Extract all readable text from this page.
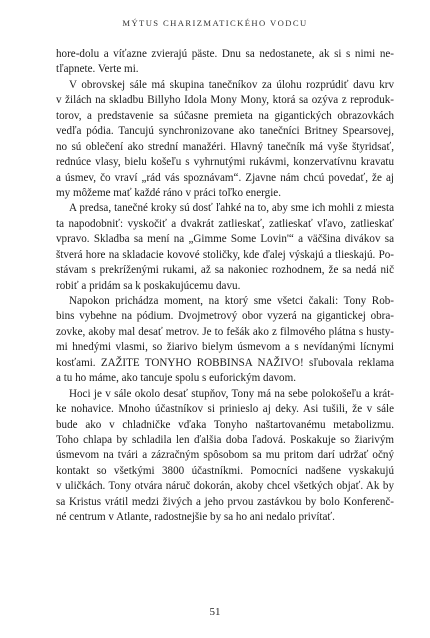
MÝTUS CHARIZMATICKÉHO VODCU
hore-dolu a víťazne zvierajú päste. Dnu sa nedostanete, ak si s nimi ne-
tľapnete. Verte mi.
V obrovskej sále má skupina tanečníkov za úlohu rozprúdiť davu krv
v žilách na skladbu Billyho Idola Mony Mony, ktorá sa ozýva z reproduk-
torov, a predstavenie sa súčasne premieta na gigantických obrazovkách
vedľa pódia. Tancujú synchronizovane ako tanečníci Britney Spearsovej,
no sú oblečení ako strední manažéri. Hlavný tanečník má vyše štyridsať,
rednúce vlasy, bielu košeľu s vyhrnutými rukávmi, konzervatívnu kravatu
a úsmev, čo vraví „rád vás spoznávam“. Zjavne nám chcú povedať, že aj
my môžeme mať každé ráno v práci toľko energie.
A predsa, tanečné kroky sú dosť ľahké na to, aby sme ich mohli z miesta
ta napodobniť: vyskočiť a dvakrát zatlieskať, zatlieskať vľavo, zatlieskať
vpravo. Skladba sa mení na „Gimme Some Lovin'“ a väčšina divákov sa
štverá hore na skladacie kovové stoličky, kde ďalej výskajú a tlieskajú. Po-
stávam s prekríženými rukami, až sa nakoniec rozhodnem, že sa nedá nič
robiť a pridám sa k poskakujúcemu davu.
Napokon prichádza moment, na ktorý sme všetci čakali: Tony Rob-
bins vybehne na pódium. Dvojmetrový obor vyzerá na gigantickej obra-
zovke, akoby mal desať metrov. Je to fešák ako z filmového plátna s husty-
mi hnedými vlasmi, so žiarivo bielym úsmevom a s nevídanými lícnymi
kosťami. ZAŽITE TONYHO ROBBINSA NAŽIVO! sľubovala reklama
a tu ho máme, ako tancuje spolu s euforickým davom.
Hoci je v sále okolo desať stupňov, Tony má na sebe polokošeľu a krát-
ke nohavice. Mnoho účastníkov si prinieslo aj deky. Asi tušili, že v sále
bude ako v chladničke vďaka Tonyho naštartovanému metabolizmu.
Toho chlapa by schladila len ďalšia doba ľadová. Poskakuje so žiarivým
úsmevom na tvári a zázračným spôsobom sa mu pritom darí udržať očný
kontakt so všetkými 3800 účastníkmi. Pomocníci nadšene vyskakujú
v uličkách. Tony otvára náruč dokorán, akoby chcel všetkých objať. Ak by
sa Kristus vrátil medzi živých a jeho prvou zastávkou by bolo Konferenč-
né centrum v Atlante, radostnejšie by sa ho ani nedalo privítať.
51
